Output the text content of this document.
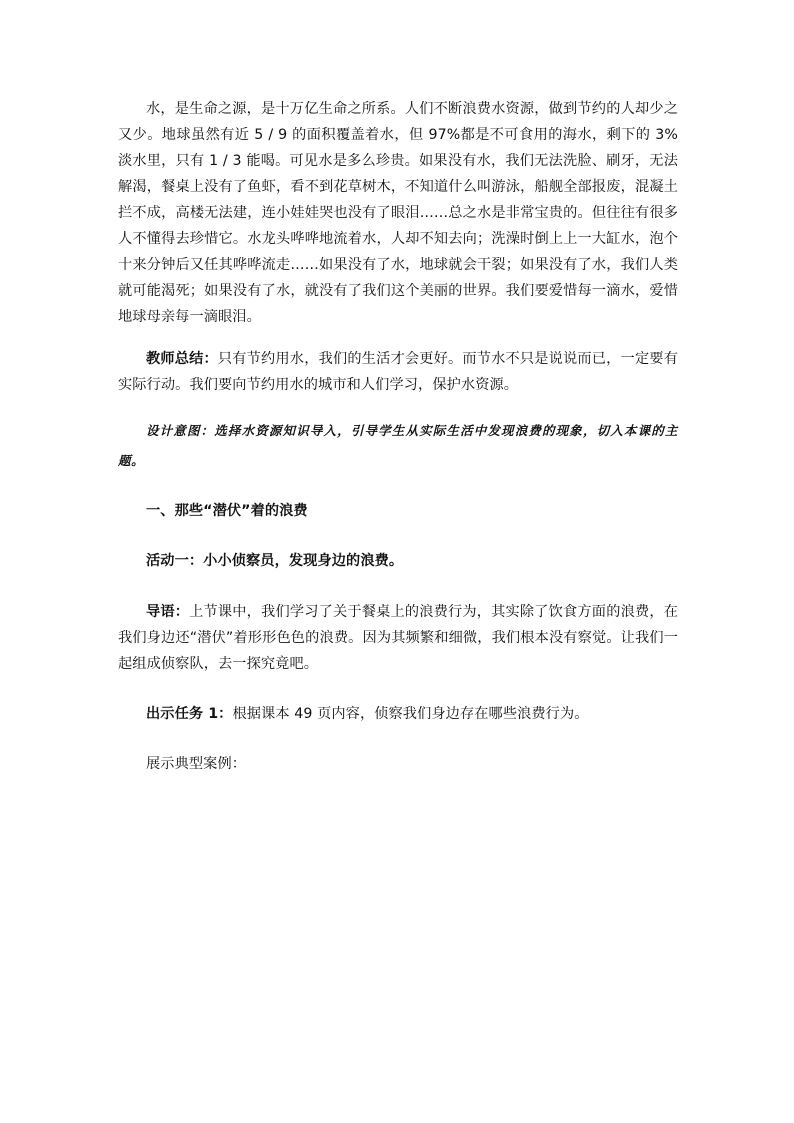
水，是生命之源，是十万亿生命之所系。人们不断浪费水资源，做到节约的人却少之又少。地球虽然有近 5 / 9 的面积覆盖着水，但 97%都是不可食用的海水，剩下的 3%淡水里，只有 1 / 3 能喝。可见水是多么珍贵。如果没有水，我们无法洗脸、刷牙，无法解渴，餐桌上没有了鱼虾，看不到花草树木，不知道什么叫游泳，船舰全部报废，混凝土拦不成，高楼无法建，连小娃娃哭也没有了眼泪……总之水是非常宝贵的。但往往有很多人不懂得去珍惜它。水龙头哗哗地流着水，人却不知去向；洗澡时倒上上一大缸水，泡个十来分钟后又任其哗哗流走……如果没有了水，地球就会干裂；如果没有了水，我们人类就可能渴死；如果没有了水，就没有了我们这个美丽的世界。我们要爱惜每一滴水，爱惜地球母亲每一滴眼泪。

教师总结：只有节约用水，我们的生活才会更好。而节水不只是说说而已，一定要有实际行动。我们要向节约用水的城市和人们学习，保护水资源。

设计意图：选择水资源知识导入，引导学生从实际生活中发现浪费的现象，切入本课的主题。

一、那些“潜伏”着的浪费

活动一：小小侦察员，发现身边的浪费。

导语：上节课中，我们学习了关于餐桌上的浪费行为，其实除了饮食方面的浪费，在我们身边还“潜伏”着形形色色的浪费。因为其频繁和细微，我们根本没有察觉。让我们一起组成侦察队，去一探究竟吧。

出示任务 1：根据课本 49 页内容，侦察我们身边存在哪些浪费行为。

展示典型案例：
